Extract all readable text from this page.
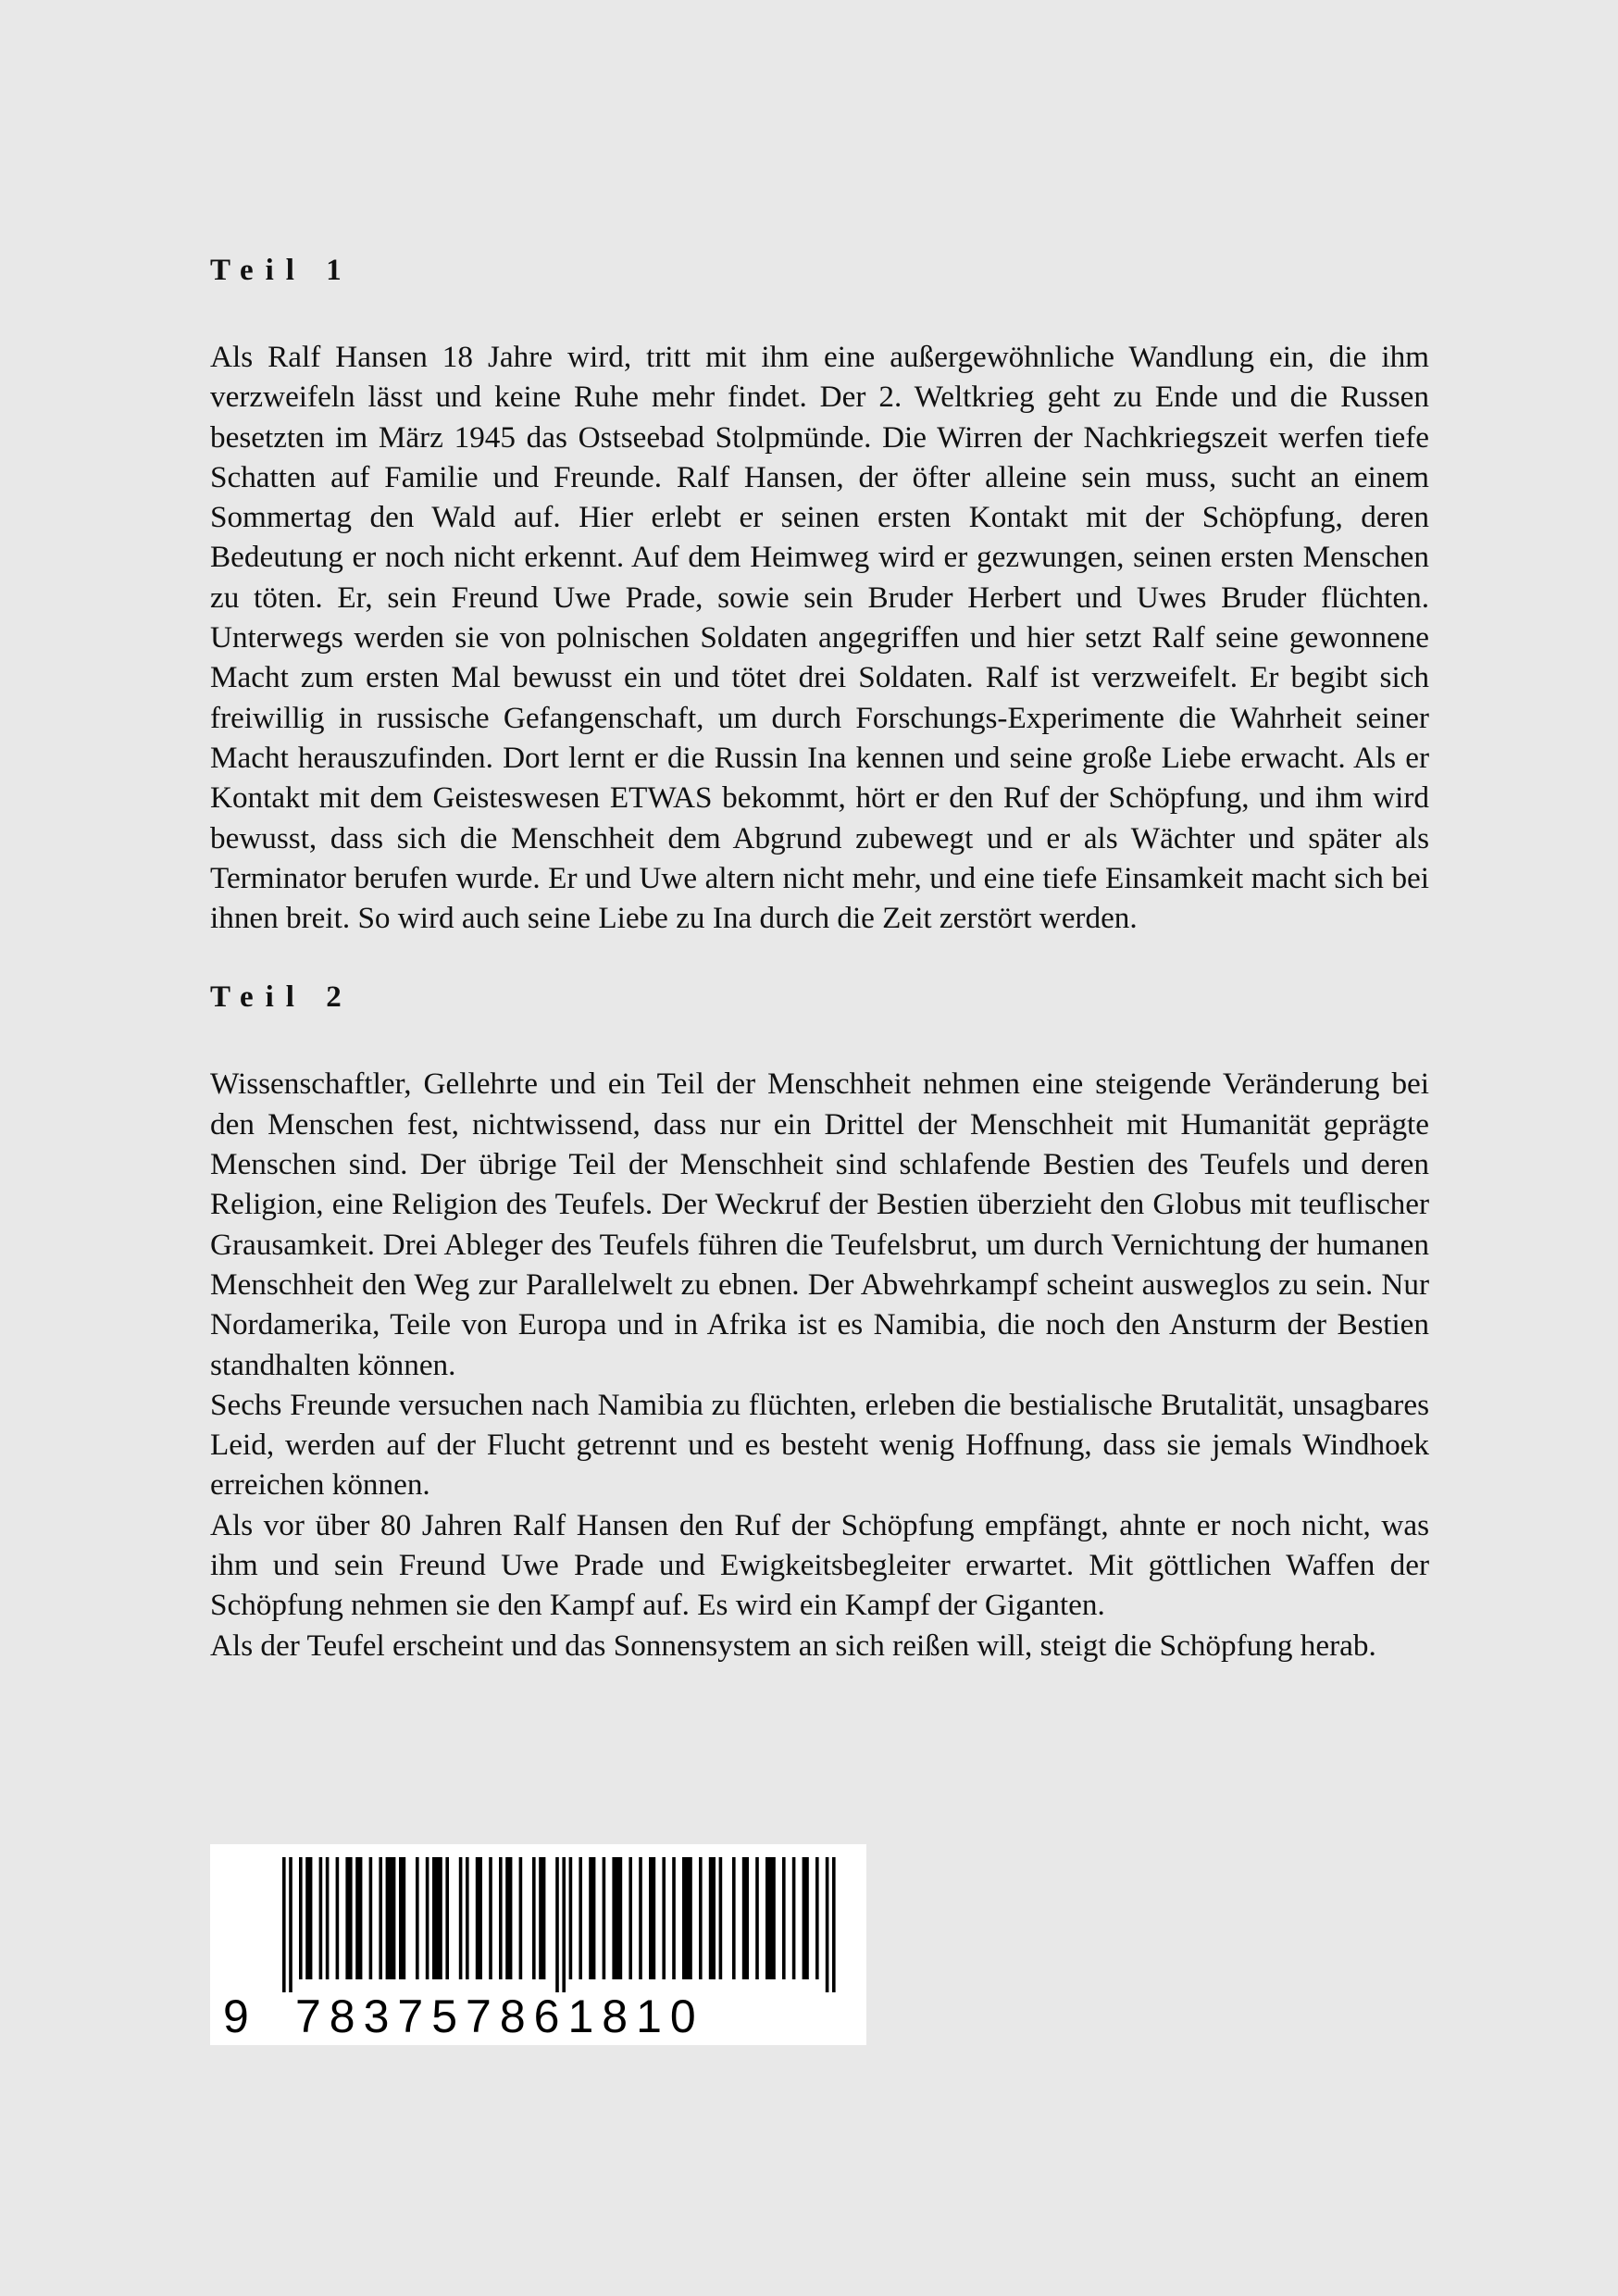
Teil 1

Als Ralf Hansen 18 Jahre wird, tritt mit ihm eine außergewöhnliche Wandlung ein, die ihm verzweifeln lässt und keine Ruhe mehr findet. Der 2. Weltkrieg geht zu Ende und die Russen besetzten im März 1945 das Ostseebad Stolpmünde. Die Wirren der Nachkriegszeit werfen tiefe Schatten auf Familie und Freunde. Ralf Hansen, der öfter alleine sein muss, sucht an einem Sommertag den Wald auf. Hier erlebt er seinen ersten Kontakt mit der Schöpfung, deren Bedeutung er noch nicht erkennt. Auf dem Heimweg wird er gezwungen, seinen ersten Menschen zu töten. Er, sein Freund Uwe Prade, sowie sein Bruder Herbert und Uwes Bruder flüchten. Unterwegs werden sie von polnischen Soldaten angegriffen und hier setzt Ralf seine gewonnene Macht zum ersten Mal bewusst ein und tötet drei Soldaten. Ralf ist verzweifelt. Er begibt sich freiwillig in russische Gefangenschaft, um durch Forschungs-Experimente die Wahrheit seiner Macht herauszufinden. Dort lernt er die Russin Ina kennen und seine große Liebe erwacht. Als er Kontakt mit dem Geisteswesen ETWAS bekommt, hört er den Ruf der Schöpfung, und ihm wird bewusst, dass sich die Menschheit dem Abgrund zubewegt und er als Wächter und später als Terminator berufen wurde. Er und Uwe altern nicht mehr, und eine tiefe Einsamkeit macht sich bei ihnen breit. So wird auch seine Liebe zu Ina durch die Zeit zerstört werden.

Teil 2

Wissenschaftler, Gellehrte und ein Teil der Menschheit nehmen eine steigende Veränderung bei den Menschen fest, nichtwissend, dass nur ein Drittel der Menschheit mit Humanität geprägte Menschen sind. Der übrige Teil der Menschheit sind schlafende Bestien des Teufels und deren Religion, eine Religion des Teufels. Der Weckruf der Bestien überzieht den Globus mit teuflischer Grausamkeit. Drei Ableger des Teufels führen die Teufelsbrut, um durch Vernichtung der humanen Menschheit den Weg zur Parallelwelt zu ebnen. Der Abwehrkampf scheint ausweglos zu sein. Nur Nordamerika, Teile von Europa und in Afrika ist es Namibia, die noch den Ansturm der Bestien standhalten können.

Sechs Freunde versuchen nach Namibia zu flüchten, erleben die bestialische Brutalität, unsagbares Leid, werden auf der Flucht getrennt und es besteht wenig Hoffnung, dass sie jemals Windhoek erreichen können.

Als vor über 80 Jahren Ralf Hansen den Ruf der Schöpfung empfängt, ahnte er noch nicht, was ihm und sein Freund Uwe Prade und Ewigkeitsbegleiter erwartet. Mit göttlichen Waffen der Schöpfung nehmen sie den Kampf auf. Es wird ein Kampf der Giganten.

Als der Teufel erscheint und das Sonnensystem an sich reißen will, steigt die Schöpfung herab.

9 783757861810
